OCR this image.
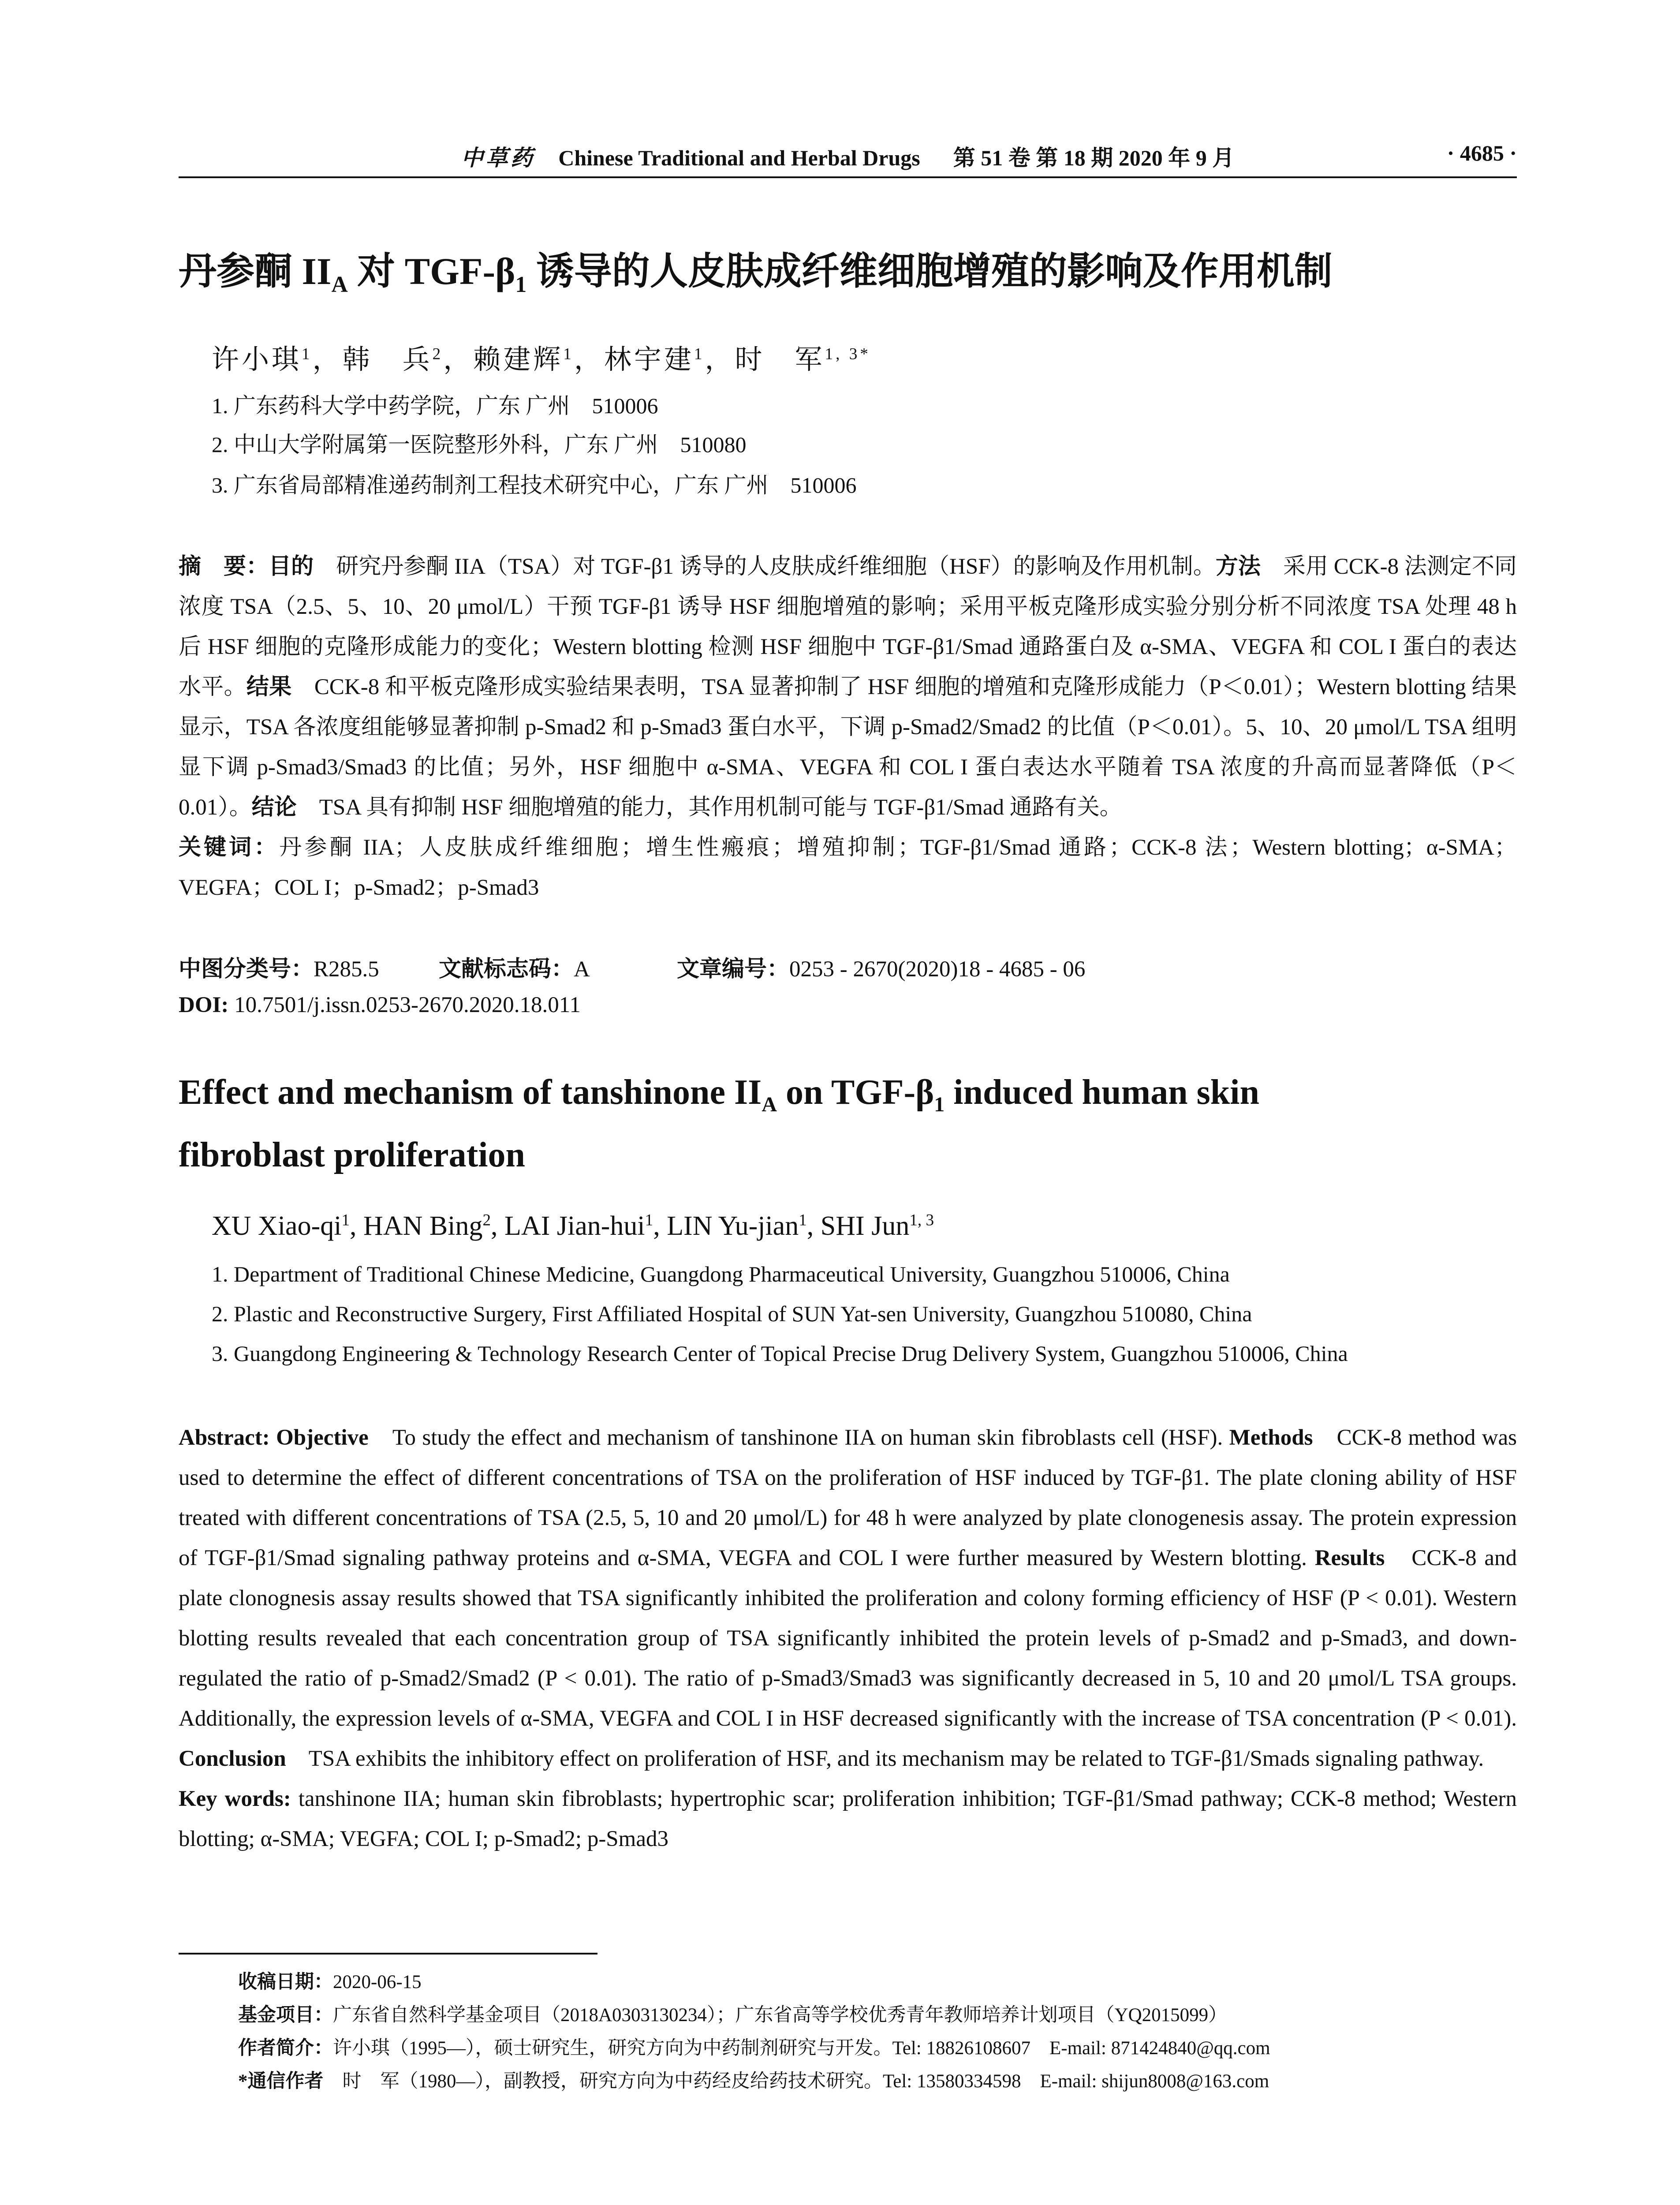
中草药 Chinese Traditional and Herbal Drugs 第 51 卷 第 18 期 2020 年 9 月	· 4685 ·
丹参酮 $II_A$ 对 TGF-$\beta_1$ 诱导的人皮肤成纤维细胞增殖的影响及作用机制
许小琪$^1$，韩　兵$^2$，赖建辉$^1$，林宇建$^1$，时　军$^{1, 3*}$
1. 广东药科大学中药学院，广东 广州　510006
2. 中山大学附属第一医院整形外科，广东 广州　510080
3. 广东省局部精准递药制剂工程技术研究中心，广东 广州　510006
摘　要：目的　研究丹参酮 IIA（TSA）对 TGF-β1 诱导的人皮肤成纤维细胞（HSF）的影响及作用机制。方法　采用 CCK-8 法测定不同浓度 TSA（2.5、5、10、20 μmol/L）干预 TGF-β1 诱导 HSF 细胞增殖的影响；采用平板克隆形成实验分别分析不同浓度 TSA 处理 48 h 后 HSF 细胞的克隆形成能力的变化；Western blotting 检测 HSF 细胞中 TGF-β1/Smad 通路蛋白及 α-SMA、VEGFA 和 COL I 蛋白的表达水平。结果　CCK-8 和平板克隆形成实验结果表明，TSA 显著抑制了 HSF 细胞的增殖和克隆形成能力（P＜0.01）；Western blotting 结果显示，TSA 各浓度组能够显著抑制 p-Smad2 和 p-Smad3 蛋白水平，下调 p-Smad2/Smad2 的比值（P＜0.01）。5、10、20 μmol/L TSA 组明显下调 p-Smad3/Smad3 的比值；另外，HSF 细胞中 α-SMA、VEGFA 和 COL I 蛋白表达水平随着 TSA 浓度的升高而显著降低（P＜0.01）。结论　TSA 具有抑制 HSF 细胞增殖的能力，其作用机制可能与 TGF-β1/Smad 通路有关。
关键词：丹参酮 IIA；人皮肤成纤维细胞；增生性瘢痕；增殖抑制；TGF-β1/Smad 通路；CCK-8 法；Western blotting；α-SMA；VEGFA；COL I；p-Smad2；p-Smad3
中图分类号：R285.5	文献标志码：A	文章编号：0253 - 2670(2020)18 - 4685 - 06
DOI: 10.7501/j.issn.0253-2670.2020.18.011
Effect and mechanism of tanshinone $II_A$ on TGF-$\beta_1$ induced human skin
fibroblast proliferation
XU Xiao-$qi^1$, HAN Bing$^2$, LAI Jian-hui$^1$, LIN Yu-jian$^1$, SHI Jun$^{1, 3}$
1. Department of Traditional Chinese Medicine, Guangdong Pharmaceutical University, Guangzhou 510006, China
2. Plastic and Reconstructive Surgery, First Affiliated Hospital of SUN Yat-sen University, Guangzhou 510080, China
3. Guangdong Engineering & Technology Research Center of Topical Precise Drug Delivery System, Guangzhou 510006, China
Abstract: Objective　To study the effect and mechanism of tanshinone IIA on human skin fibroblasts cell (HSF). Methods　CCK-8 method was used to determine the effect of different concentrations of TSA on the proliferation of HSF induced by TGF-β1. The plate cloning ability of HSF treated with different concentrations of TSA (2.5, 5, 10 and 20 μmol/L) for 48 h were analyzed by plate clonogenesis assay. The protein expression of TGF-β1/Smad signaling pathway proteins and α-SMA, VEGFA and COL I were further measured by Western blotting. Results　CCK-8 and plate clonognesis assay results showed that TSA significantly inhibited the proliferation and colony forming efficiency of HSF (P < 0.01). Western blotting results revealed that each concentration group of TSA significantly inhibited the protein levels of p-Smad2 and p-Smad3, and down-regulated the ratio of p-Smad2/Smad2 (P < 0.01). The ratio of p-Smad3/Smad3 was significantly decreased in 5, 10 and 20 μmol/L TSA groups. Additionally, the expression levels of α-SMA, VEGFA and COL I in HSF decreased significantly with the increase of TSA concentration (P < 0.01). Conclusion　TSA exhibits the inhibitory effect on proliferation of HSF, and its mechanism may be related to TGF-β1/Smads signaling pathway.
Key words: tanshinone IIA; human skin fibroblasts; hypertrophic scar; proliferation inhibition; TGF-β1/Smad pathway; CCK-8 method; Western blotting; α-SMA; VEGFA; COL I; p-Smad2; p-Smad3
收稿日期：2020-06-15
基金项目：广东省自然科学基金项目（2018A0303130234）；广东省高等学校优秀青年教师培养计划项目（YQ2015099）
作者简介：许小琪（1995—），硕士研究生，研究方向为中药制剂研究与开发。Tel: 18826108607　E-mail: 871424840@qq.com
*通信作者　时　军（1980—），副教授，研究方向为中药经皮给药技术研究。Tel: 13580334598　E-mail: shijun8008@163.com
